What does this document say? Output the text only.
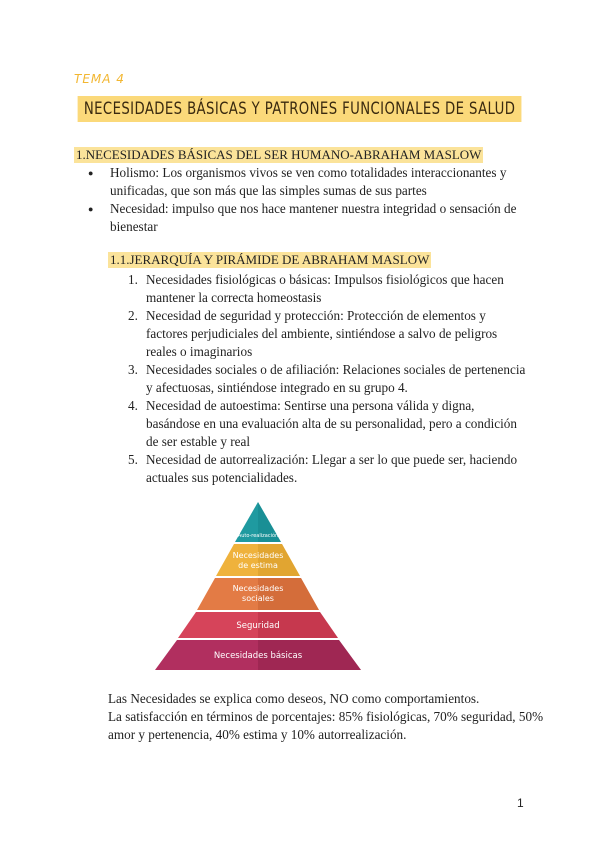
TEMA 4
NECESIDADES BÁSICAS Y PATRONES FUNCIONALES DE SALUD
1.NECESIDADES BÁSICAS DEL SER HUMANO-ABRAHAM MASLOW
● Holismo: Los organismos vivos se ven como totalidades interaccionantes y unificadas, que son más que las simples sumas de sus partes
● Necesidad: impulso que nos hace mantener nuestra integridad o sensación de bienestar
1.1.JERARQUÍA Y PIRÁMIDE DE ABRAHAM MASLOW
1. Necesidades fisiológicas o básicas: Impulsos fisiológicos que hacen mantener la correcta homeostasis
2. Necesidad de seguridad y protección: Protección de elementos y factores perjudiciales del ambiente, sintiéndose a salvo de peligros reales o imaginarios
3. Necesidades sociales o de afiliación: Relaciones sociales de pertenencia y afectuosas, sintiéndose integrado en su grupo 4.
4. Necesidad de autoestima: Sentirse una persona válida y digna, basándose en una evaluación alta de su personalidad, pero a condición de ser estable y real
5. Necesidad de autorrealización: Llegar a ser lo que puede ser, haciendo actuales sus potencialidades.
Auto-realización
Necesidades
de estima
Necesidades
sociales
Seguridad
Necesidades básicas

Las Necesidades se explica como deseos, NO como comportamientos.

La satisfacción en términos de porcentajes: 85% fisiológicas, 70% seguridad, 50% amor y pertenencia, 40% estima y 10% autorrealización.

1
